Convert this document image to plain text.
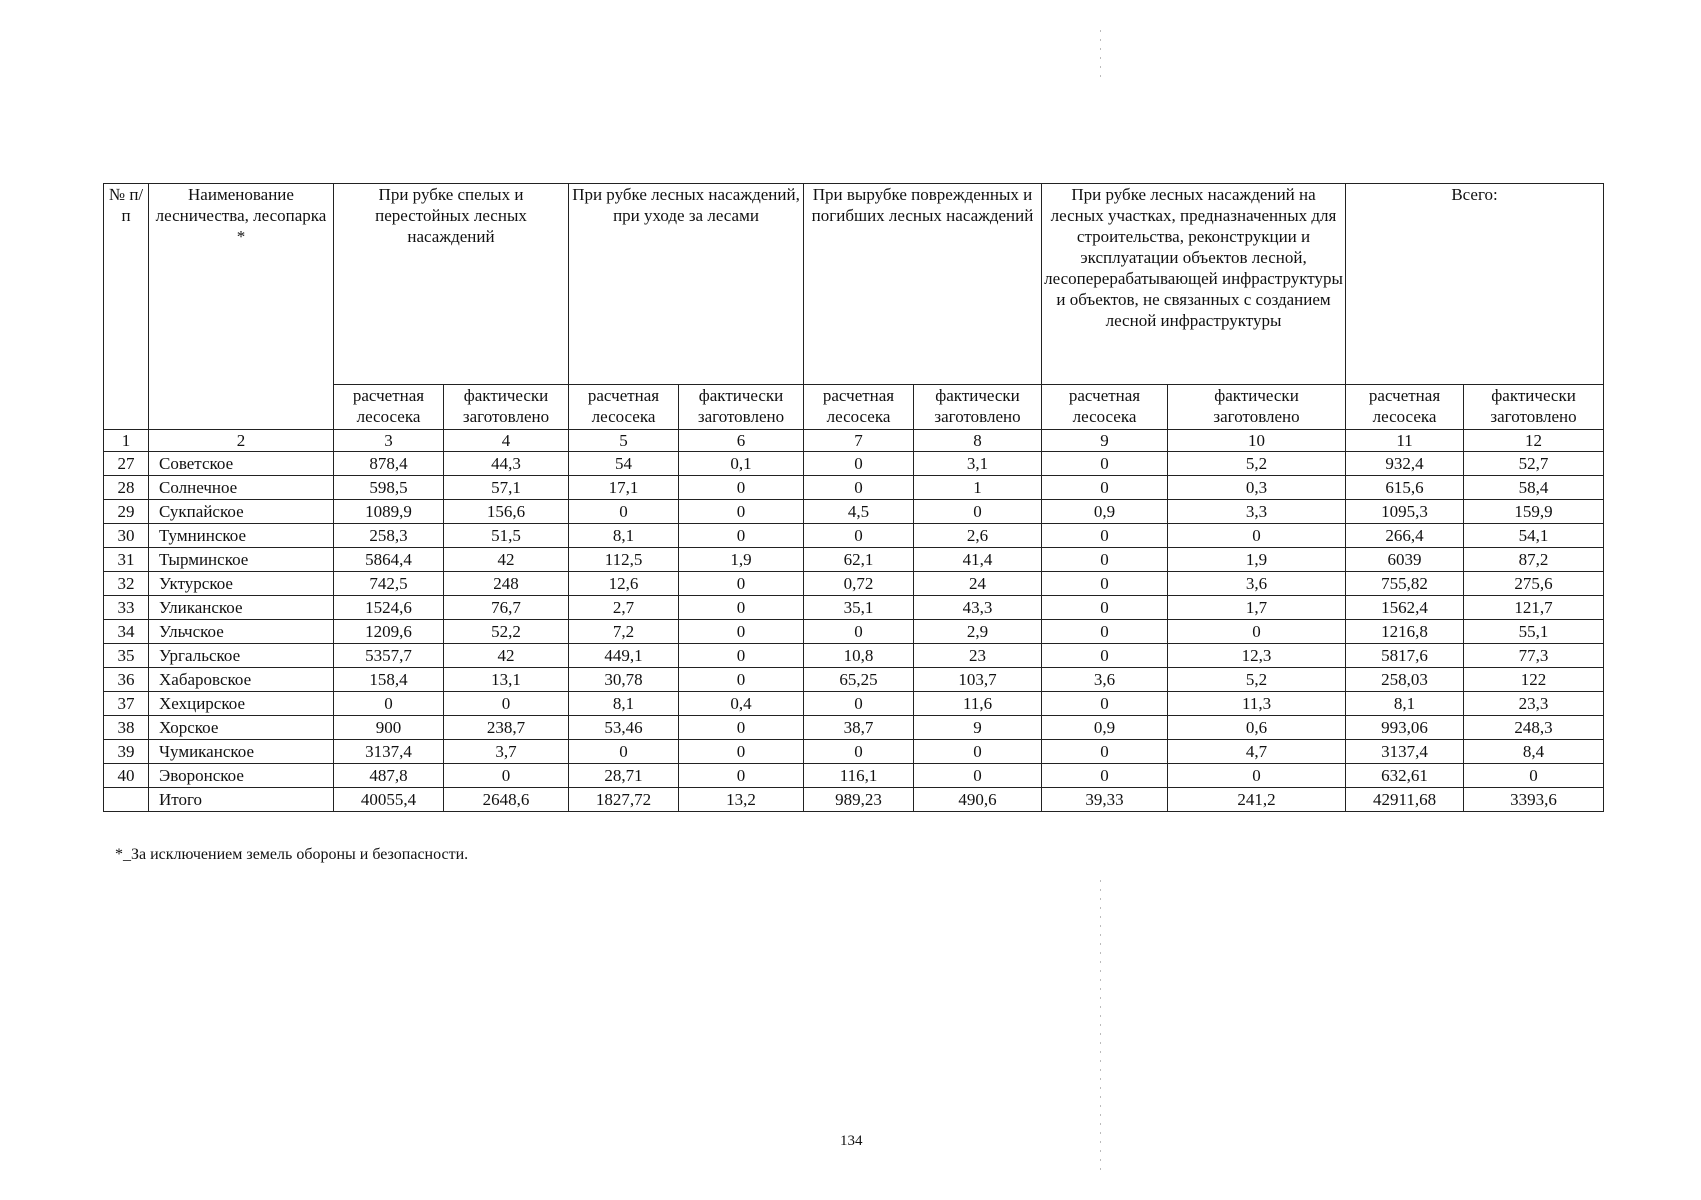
№ п/п	Наименование лесничества, лесопарка *	При рубке спелых и перестойных лесных насаждений		При рубке лесных насаждений, при уходе за лесами		При вырубке поврежденных и погибших лесных насаждений		При рубке лесных насаждений на лесных участках, предназначенных для строительства, реконструкции и эксплуатации объектов лесной, лесоперерабатывающей инфраструктуры и объектов, не связанных с созданием лесной инфраструктуры		Всего:	
		расчетная лесосека	фактически заготовлено	расчетная лесосека	фактически заготовлено	расчетная лесосека	фактически заготовлено	расчетная лесосека	фактически заготовлено	расчетная лесосека	фактически заготовлено
1	2	3	4	5	6	7	8	9	10	11	12
27	Советское	878,4	44,3	54	0,1	0	3,1	0	5,2	932,4	52,7
28	Солнечное	598,5	57,1	17,1	0	0	1	0	0,3	615,6	58,4
29	Сукпайское	1089,9	156,6	0	0	4,5	0	0,9	3,3	1095,3	159,9
30	Тумнинское	258,3	51,5	8,1	0	0	2,6	0	0	266,4	54,1
31	Тырминское	5864,4	42	112,5	1,9	62,1	41,4	0	1,9	6039	87,2
32	Уктурское	742,5	248	12,6	0	0,72	24	0	3,6	755,82	275,6
33	Уликанское	1524,6	76,7	2,7	0	35,1	43,3	0	1,7	1562,4	121,7
34	Ульчское	1209,6	52,2	7,2	0	0	2,9	0	0	1216,8	55,1
35	Ургальское	5357,7	42	449,1	0	10,8	23	0	12,3	5817,6	77,3
36	Хабаровское	158,4	13,1	30,78	0	65,25	103,7	3,6	5,2	258,03	122
37	Хехцирское	0	0	8,1	0,4	0	11,6	0	11,3	8,1	23,3
38	Хорское	900	238,7	53,46	0	38,7	9	0,9	0,6	993,06	248,3
39	Чумиканское	3137,4	3,7	0	0	0	0	0	4,7	3137,4	8,4
40	Эворонское	487,8	0	28,71	0	116,1	0	0	0	632,61	0
	Итого	40055,4	2648,6	1827,72	13,2	989,23	490,6	39,33	241,2	42911,68	3393,6
*_За исключением земель обороны и безопасности.
134
